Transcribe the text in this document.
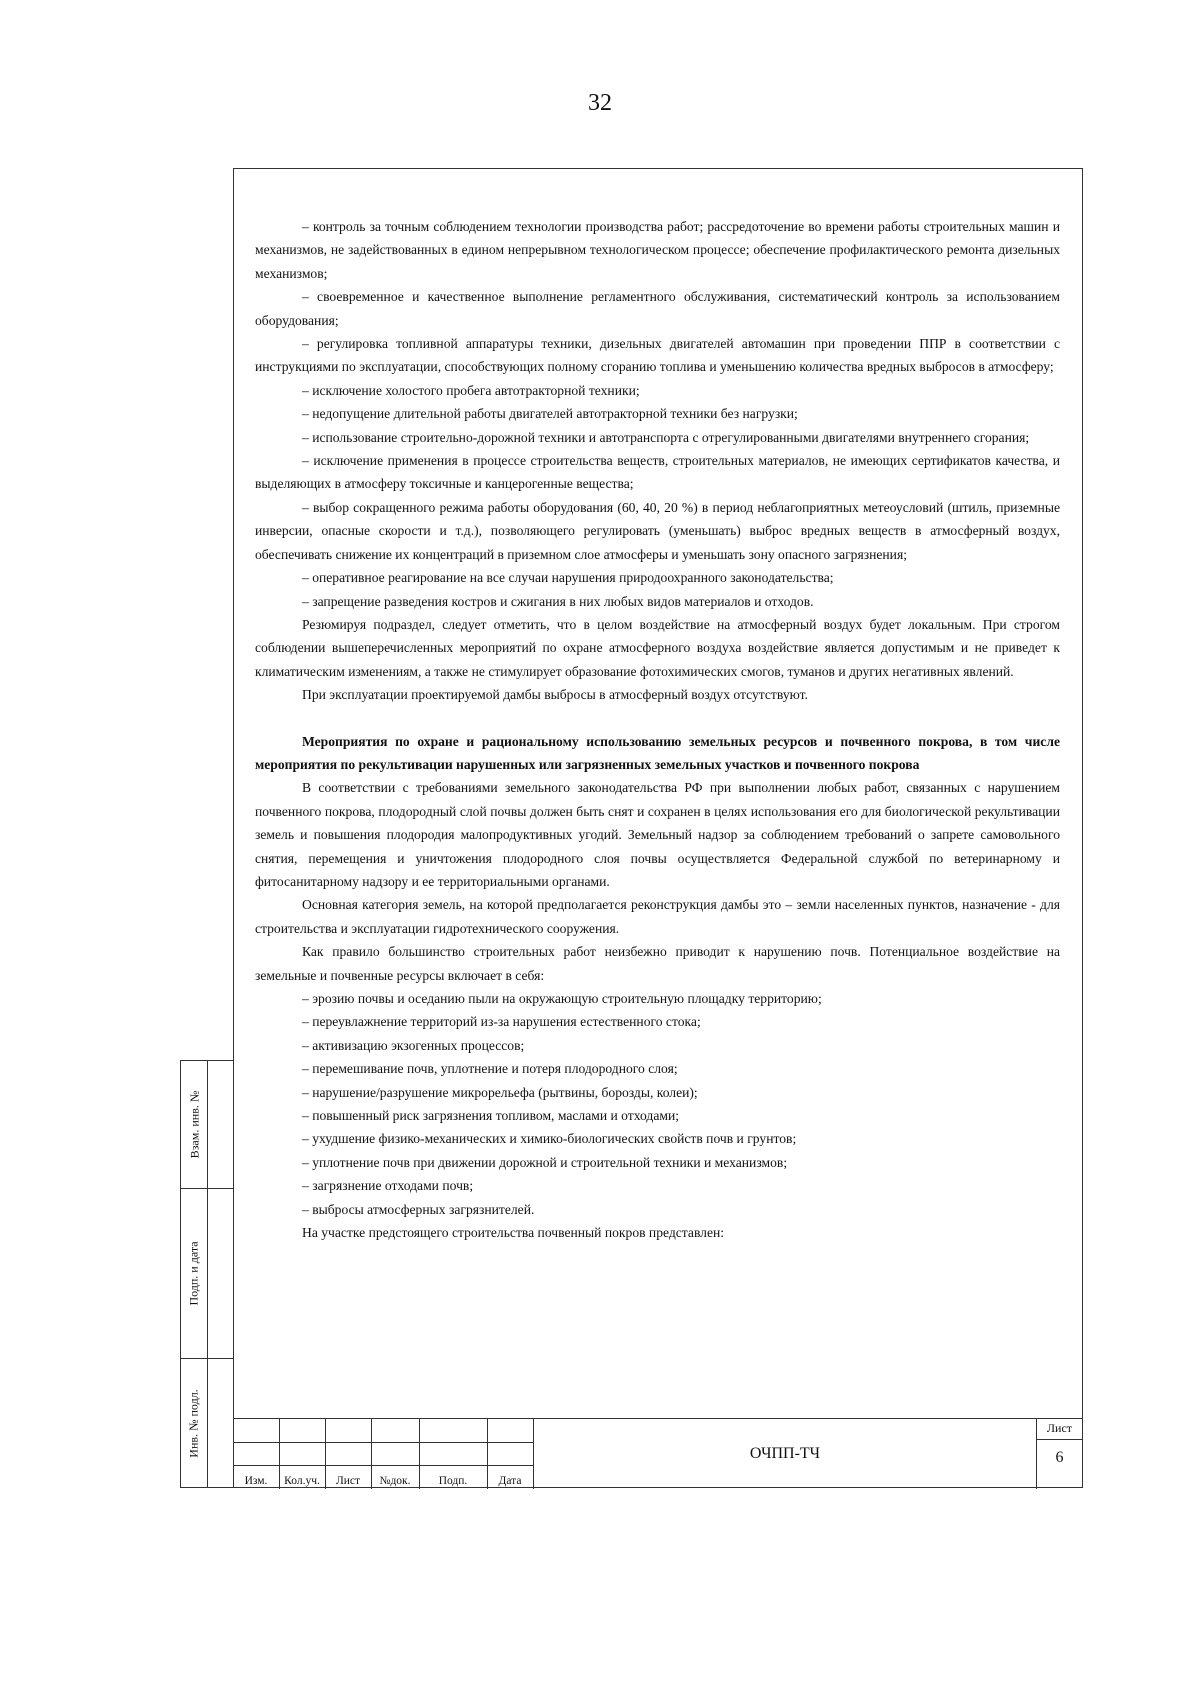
32

– контроль за точным соблюдением технологии производства работ; рассредоточение во времени работы строительных машин и механизмов, не задействованных в едином непрерывном технологическом процессе; обеспечение профилактического ремонта дизельных механизмов;

– своевременное и качественное выполнение регламентного обслуживания, систематический контроль за использованием оборудования;

– регулировка топливной аппаратуры техники, дизельных двигателей автомашин при проведении ППР в соответствии с инструкциями по эксплуатации, способствующих полному сгоранию топлива и уменьшению количества вредных выбросов в атмосферу;

– исключение холостого пробега автотракторной техники;

– недопущение длительной работы двигателей автотракторной техники без нагрузки;

– использование строительно-дорожной техники и автотранспорта с отрегулированными двигателями внутреннего сгорания;

– исключение применения в процессе строительства веществ, строительных материалов, не имеющих сертификатов качества, и выделяющих в атмосферу токсичные и канцерогенные вещества;

– выбор сокращенного режима работы оборудования (60, 40, 20 %) в период неблагоприятных метеоусловий (штиль, приземные инверсии, опасные скорости и т.д.), позволяющего регулировать (уменьшать) выброс вредных веществ в атмосферный воздух, обеспечивать снижение их концентраций в приземном слое атмосферы и уменьшать зону опасного загрязнения;

– оперативное реагирование на все случаи нарушения природоохранного законодательства;

– запрещение разведения костров и сжигания в них любых видов материалов и отходов.

Резюмируя подраздел, следует отметить, что в целом воздействие на атмосферный воздух будет локальным. При строгом соблюдении вышеперечисленных мероприятий по охране атмосферного воздуха воздействие является допустимым и не приведет к климатическим изменениям, а также не стимулирует образование фотохимических смогов, туманов и других негативных явлений.

При эксплуатации проектируемой дамбы выбросы в атмосферный воздух отсутствуют.

Мероприятия по охране и рациональному использованию земельных ресурсов и почвенного покрова, в том числе мероприятия по рекультивации нарушенных или загрязненных земельных участков и почвенного покрова

В соответствии с требованиями земельного законодательства РФ при выполнении любых работ, связанных с нарушением почвенного покрова, плодородный слой почвы должен быть снят и сохранен в целях использования его для биологической рекультивации земель и повышения плодородия малопродуктивных угодий. Земельный надзор за соблюдением требований о запрете самовольного снятия, перемещения и уничтожения плодородного слоя почвы осуществляется Федеральной службой по ветеринарному и фитосанитарному надзору и ее территориальными органами.

Основная категория земель, на которой предполагается реконструкция дамбы это – земли населенных пунктов, назначение - для строительства и эксплуатации гидротехнического сооружения.

Как правило большинство строительных работ неизбежно приводит к нарушению почв. Потенциальное воздействие на земельные и почвенные ресурсы включает в себя:

– эрозию почвы и оседанию пыли на окружающую строительную площадку территорию;

– переувлажнение территорий из-за нарушения естественного стока;

– активизацию экзогенных процессов;

– перемешивание почв, уплотнение и потеря плодородного слоя;

– нарушение/разрушение микрорельефа (рытвины, борозды, колеи);

– повышенный риск загрязнения топливом, маслами и отходами;

– ухудшение физико-механических и химико-биологических свойств почв и грунтов;

– уплотнение почв при движении дорожной и строительной техники и механизмов;

– загрязнение отходами почв;

– выбросы атмосферных загрязнителей.

На участке предстоящего строительства почвенный покров представлен:

Взам. инв. №
Подп. и дата
Инв. № подл.
Изм.	Кол.уч.	Лист	№док.	Подп.	Дата
ОЧПП-ТЧ
Лист
6
